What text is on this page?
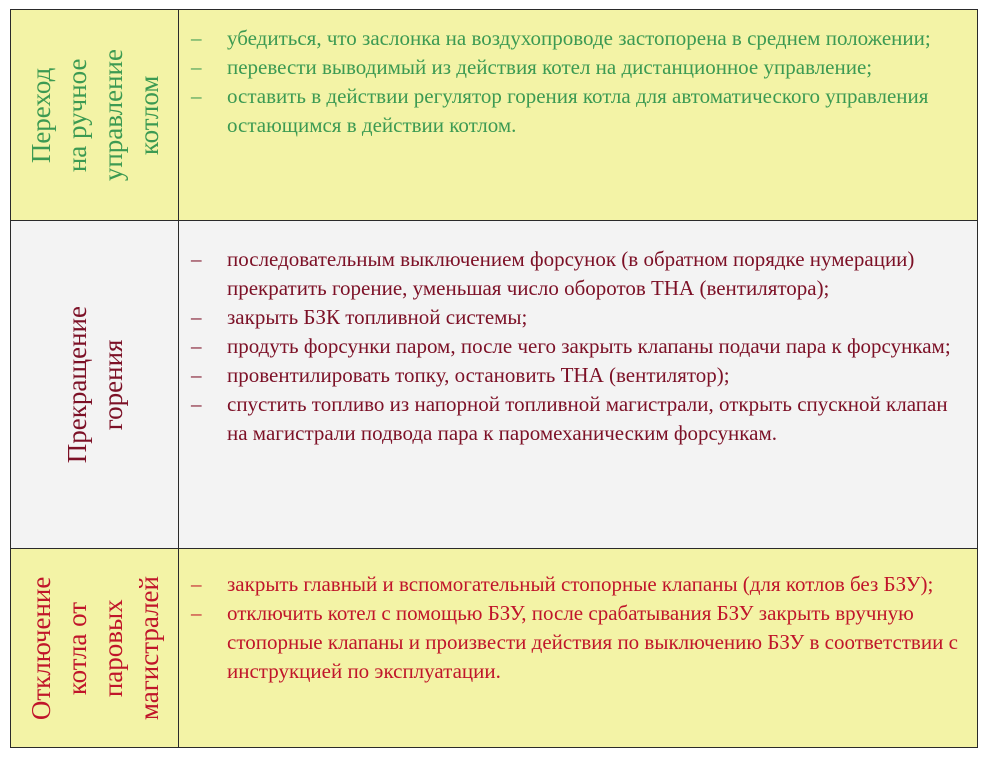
Переход на ручное управление котлом
– убедиться, что заслонка на воздухопроводе застопорена в среднем положении;
– перевести выводимый из действия котел на дистанционное управление;
– оставить в действии регулятор горения котла для автоматического управления остающимся в действии котлом.
Прекращение горения
– последовательным выключением форсунок (в обратном порядке нумерации) прекратить горение, уменьшая число оборотов ТНА (вентилятора);
– закрыть БЗК топливной системы;
– продуть форсунки паром, после чего закрыть клапаны подачи пара к форсункам;
– провентилировать топку, остановить ТНА (вентилятор);
– спустить топливо из напорной топливной магистрали, открыть спускной клапан на магистрали подвода пара к паромеханическим форсункам.
Отключение котла от паровых магистралей
–	закрыть главный и вспомогательный стопорные клапаны (для котлов без БЗУ);
– отключить котел с помощью БЗУ, после срабатывания БЗУ закрыть вручную стопорные клапаны и произвести действия по выключению БЗУ в соответствии с инструкцией по эксплуатации.
